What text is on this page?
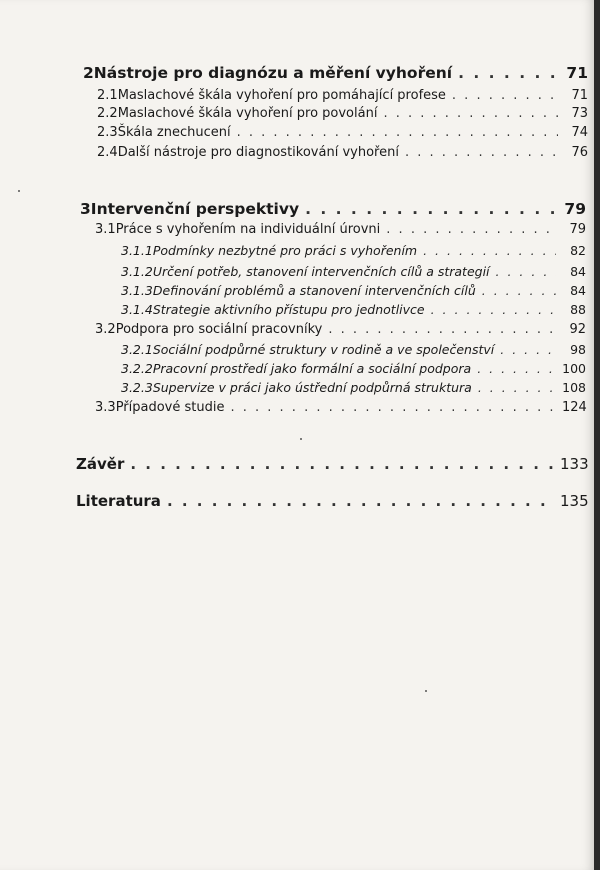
2 Nástroje pro diagnózu a měření vyhoření . . .	71
2.1 Maslachové škála vyhoření pro pomáhající profese . . .	71
2.2 Maslachové škála vyhoření pro povolání . . .	73
2.3 Škála znechucení . . .	74
2.4 Další nástroje pro diagnostikování vyhoření . . .	76
3 Intervenční perspektivy . . .	79
3.1 Práce s vyhořením na individuální úrovni . . .	79
3.1.1 Podmínky nezbytné pro práci s vyhořením . . .	82
3.1.2 Určení potřeb, stanovení intervenčních cílů a strategií . . .	84
3.1.3 Definování problémů a stanovení intervenčních cílů . . .	84
3.1.4 Strategie aktivního přístupu pro jednotlivce . . .	88
3.2 Podpora pro sociální pracovníky . . .	92
3.2.1 Sociální podpůrné struktury v rodině a ve společenství . . .	98
3.2.2 Pracovní prostředí jako formální a sociální podpora . . .	100
3.2.3 Supervize v práci jako ústřední podpůrná struktura . . .	108
3.3 Případové studie . . .	124
Závěr . . .	133
Literatura . . .	135
